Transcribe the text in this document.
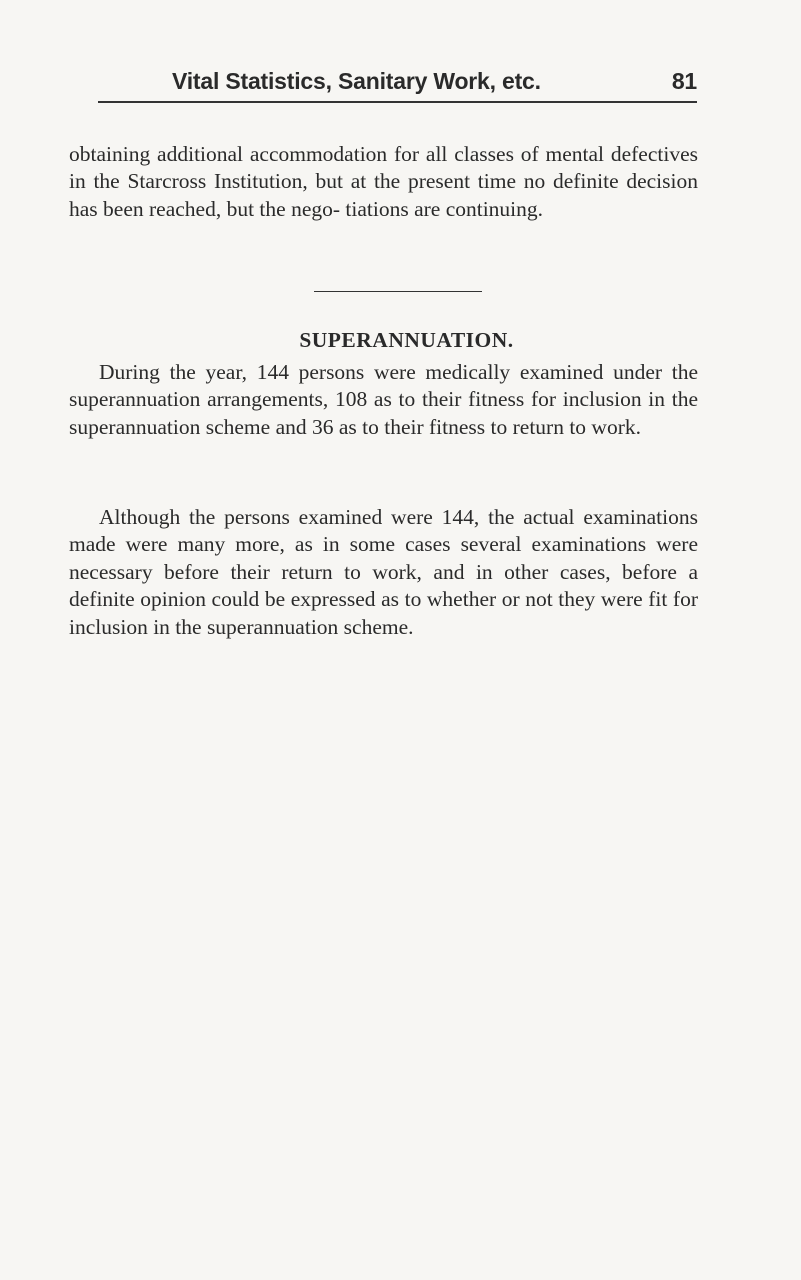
Vital Statistics, Sanitary Work, etc.	81

obtaining additional accommodation for all classes of mental defectives in the Starcross Institution, but at the present time no definite decision has been reached, but the nego- tiations are continuing.

SUPERANNUATION.

During the year, 144 persons were medically examined under the superannuation arrangements, 108 as to their fitness for inclusion in the superannuation scheme and 36 as to their fitness to return to work.

Although the persons examined were 144, the actual examinations made were many more, as in some cases several examinations were necessary before their return to work, and in other cases, before a definite opinion could be expressed as to whether or not they were fit for inclusion in the superannuation scheme.
